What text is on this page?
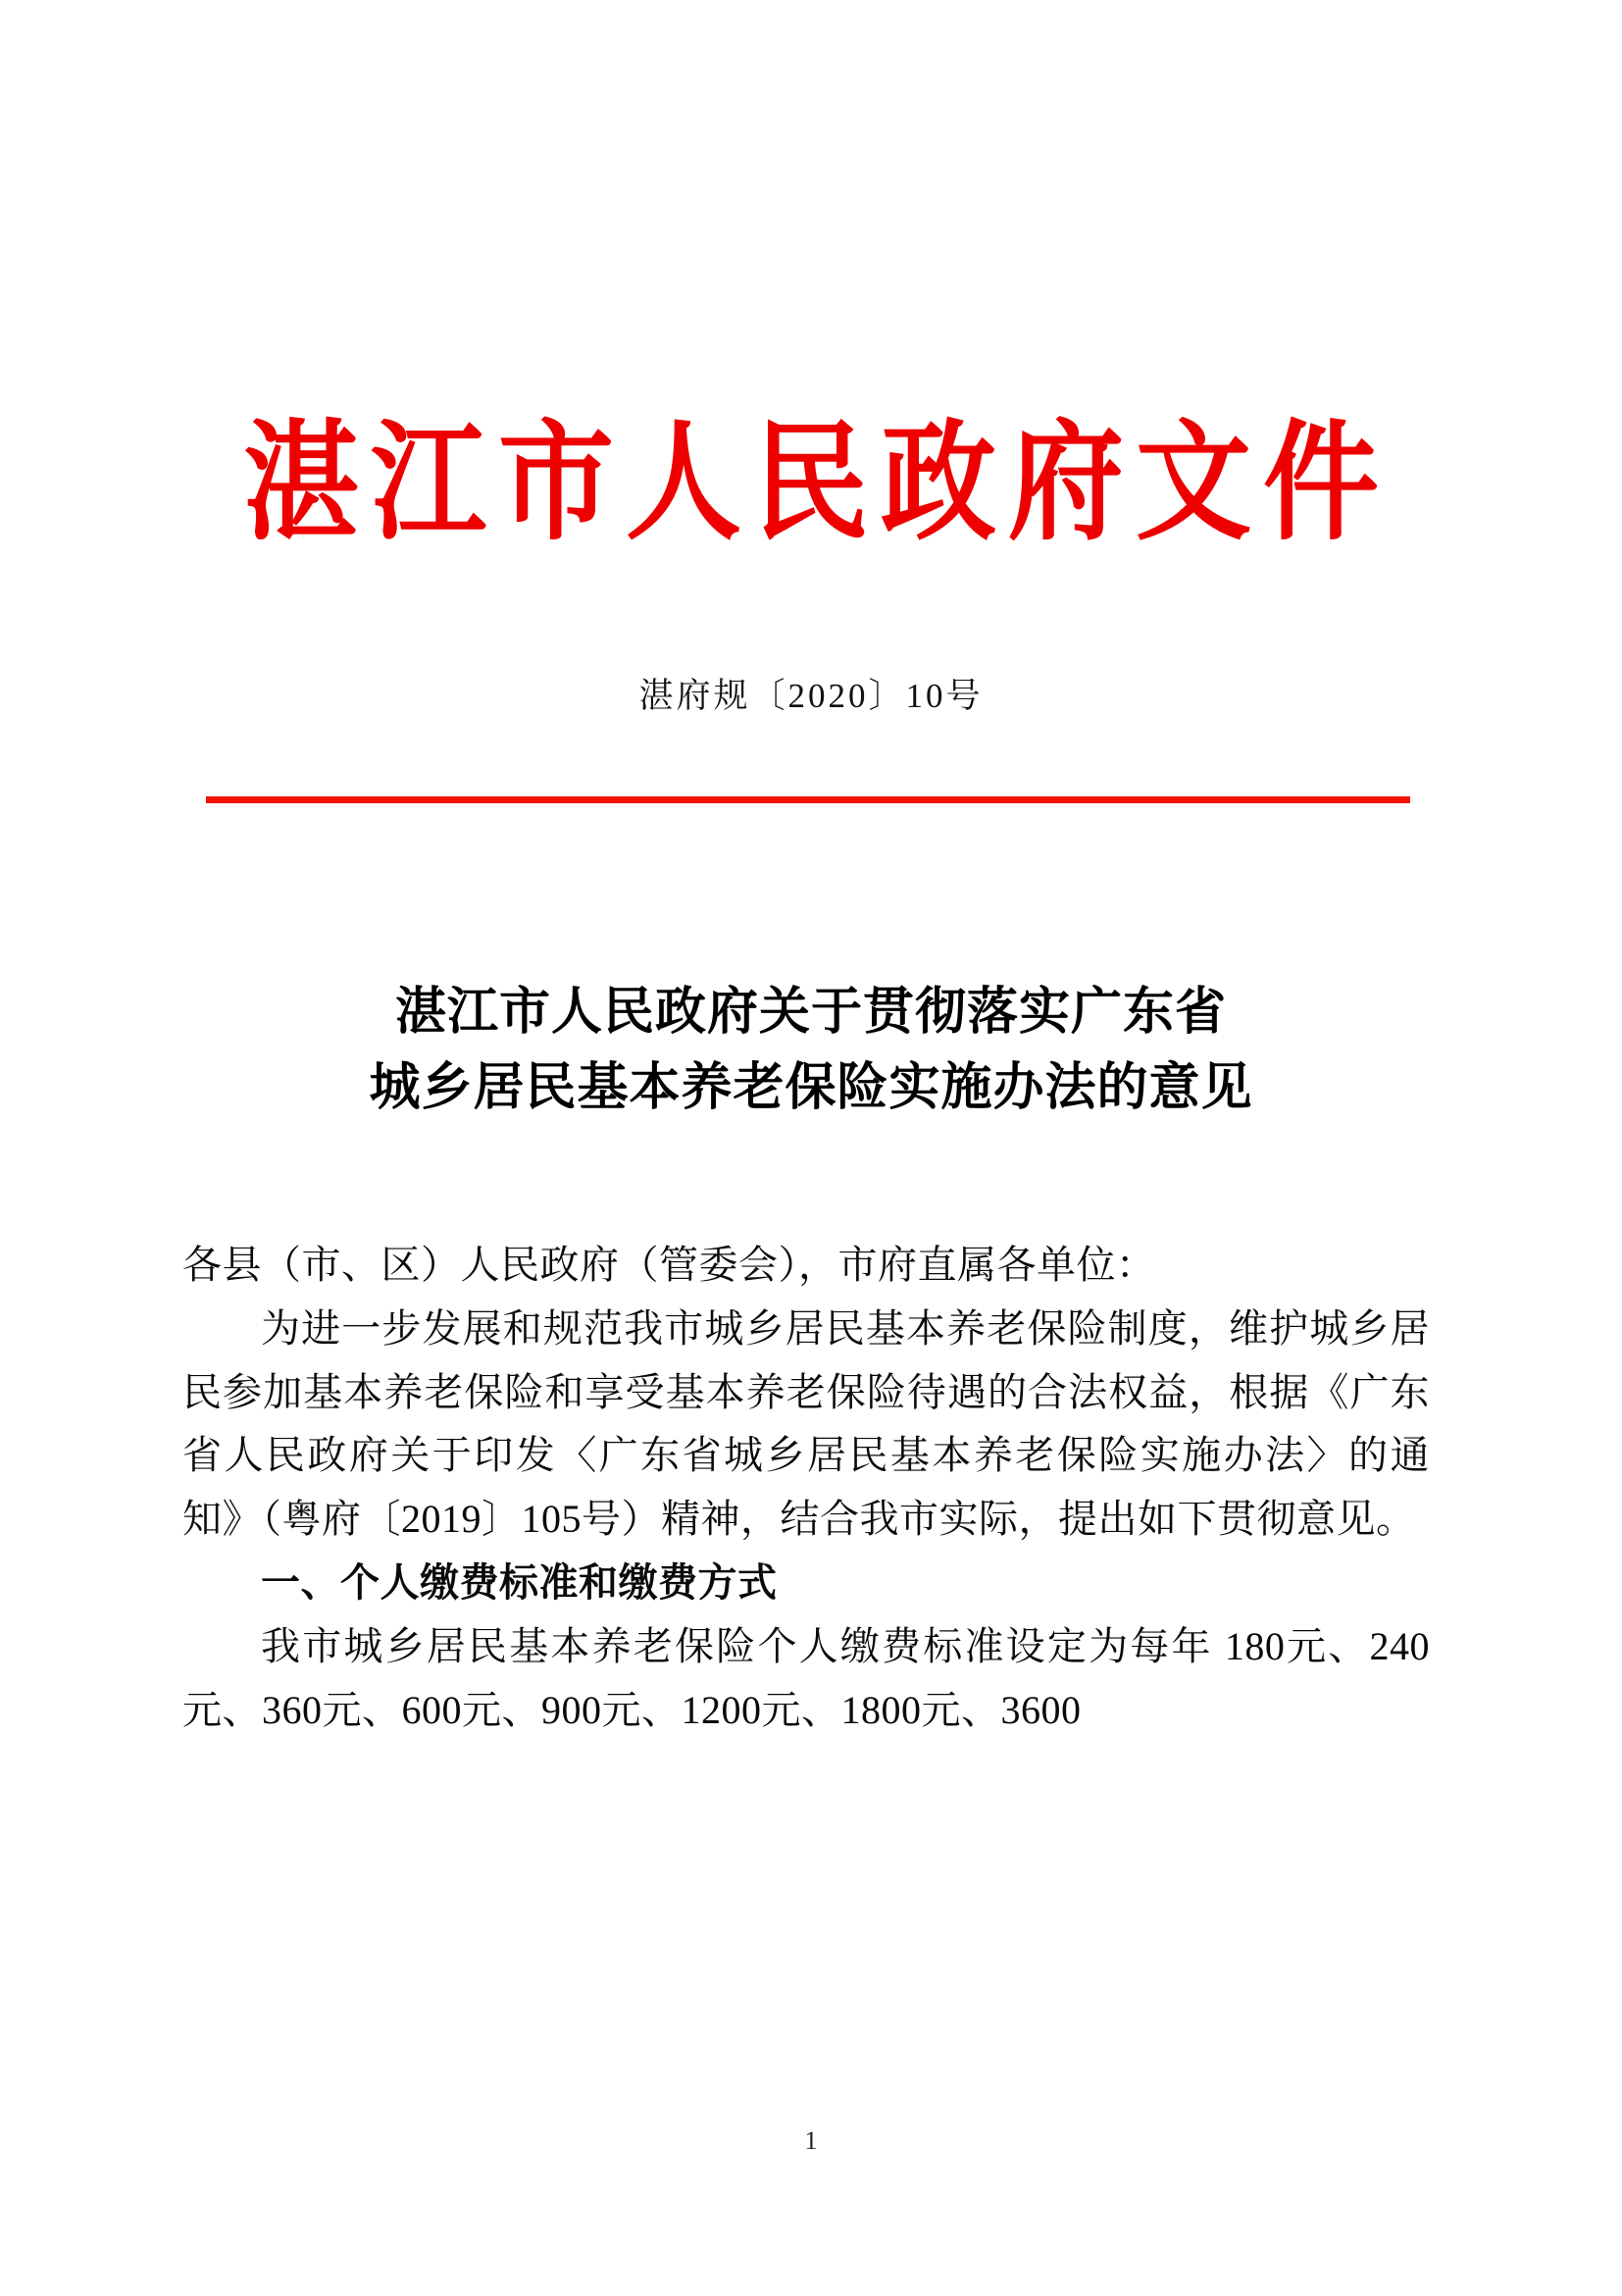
湛江市人民政府文件
湛府规〔2020〕10号
湛江市人民政府关于贯彻落实广东省
城乡居民基本养老保险实施办法的意见

各县（市、区）人民政府（管委会），市府直属各单位：

为进一步发展和规范我市城乡居民基本养老保险制度，维护城乡居民参加基本养老保险和享受基本养老保险待遇的合法权益，根据《广东省人民政府关于印发〈广东省城乡居民基本养老保险实施办法〉的通知》（粤府〔2019〕105号）精神，结合我市实际，提出如下贯彻意见。

一、个人缴费标准和缴费方式

我市城乡居民基本养老保险个人缴费标准设定为每年 180元、240元、360元、600元、900元、1200元、1800元、3600

1
